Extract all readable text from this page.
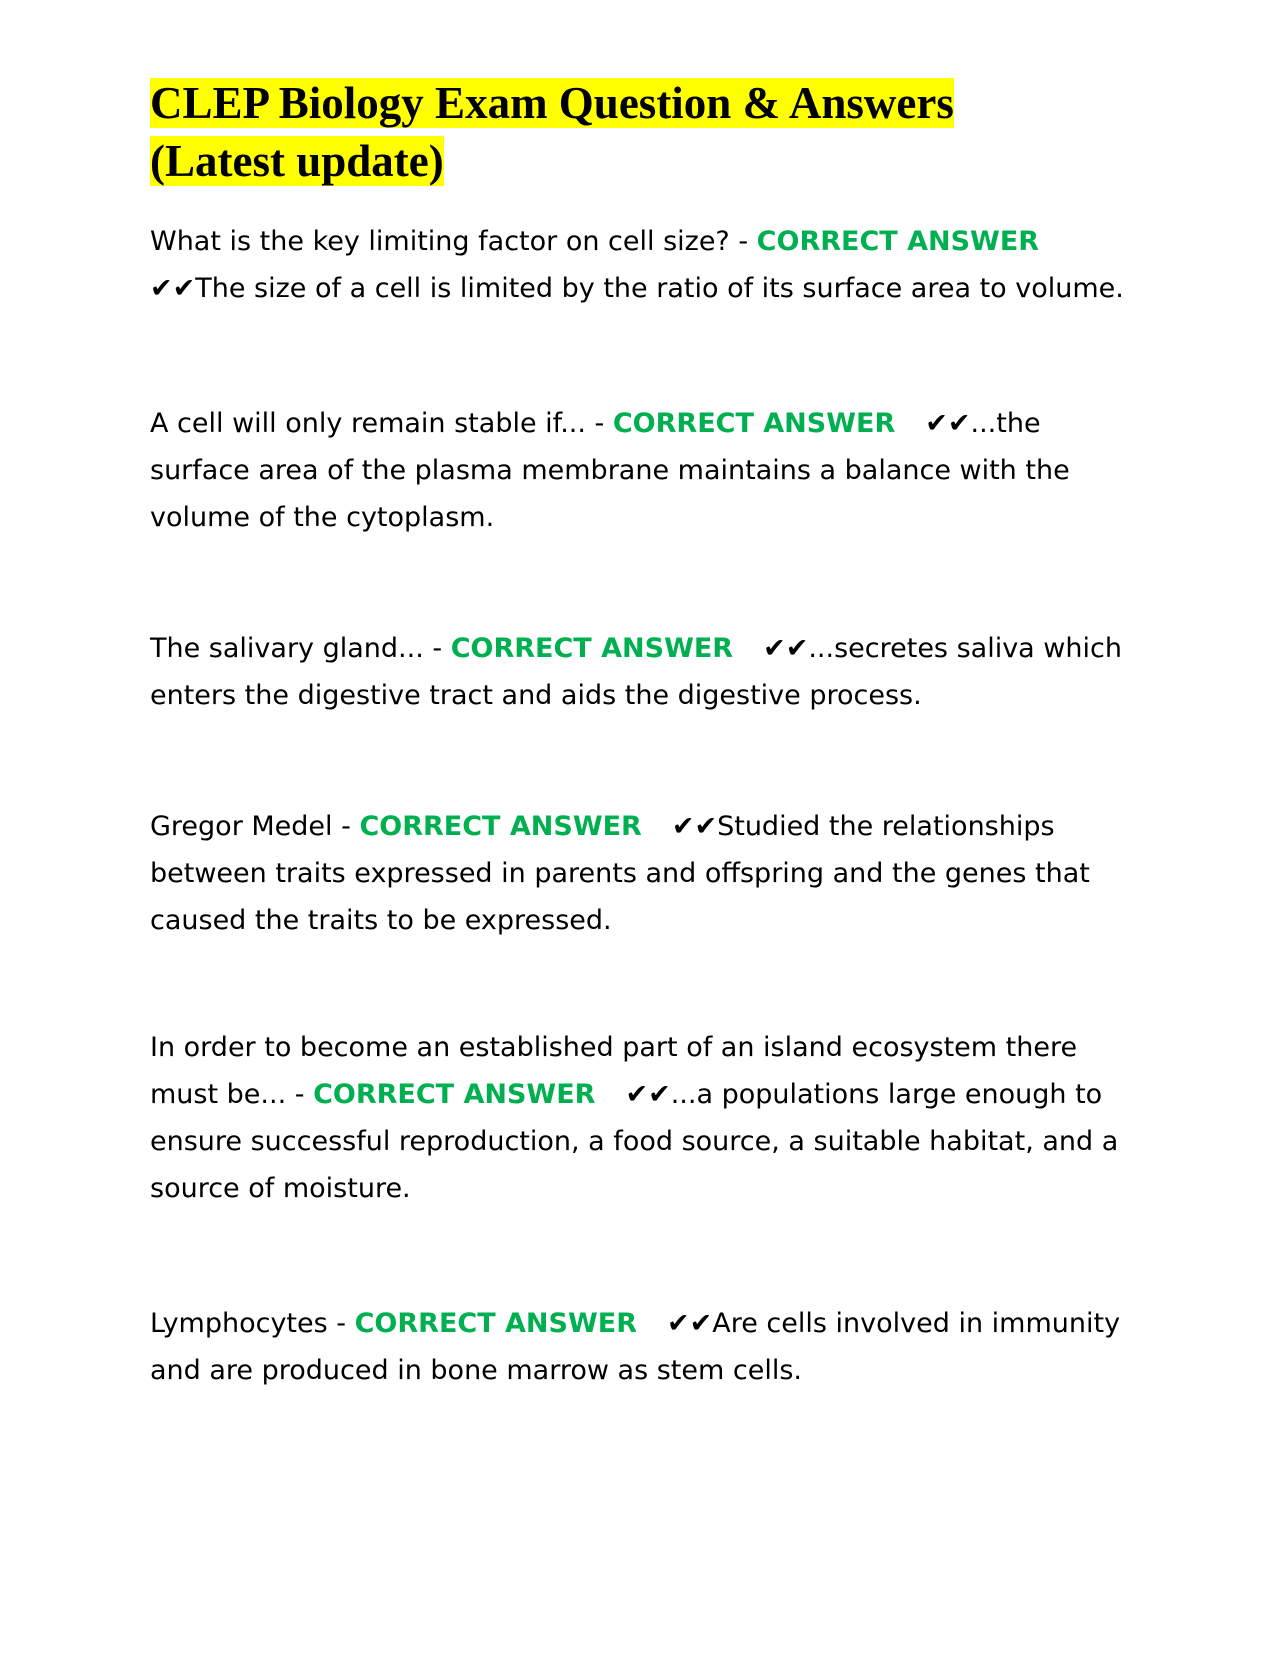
CLEP Biology Exam Question & Answers
(Latest update)

What is the key limiting factor on cell size? - CORRECT ANSWER
✔✔The size of a cell is limited by the ratio of its surface area to volume.

A cell will only remain stable if... - CORRECT ANSWER ✔✔...the surface area of the plasma membrane maintains a balance with the volume of the cytoplasm.

The salivary gland... - CORRECT ANSWER ✔✔...secretes saliva which enters the digestive tract and aids the digestive process.

Gregor Medel - CORRECT ANSWER ✔✔Studied the relationships between traits expressed in parents and offspring and the genes that caused the traits to be expressed.

In order to become an established part of an island ecosystem there must be... - CORRECT ANSWER ✔✔...a populations large enough to ensure successful reproduction, a food source, a suitable habitat, and a source of moisture.

Lymphocytes - CORRECT ANSWER ✔✔Are cells involved in immunity and are produced in bone marrow as stem cells.
